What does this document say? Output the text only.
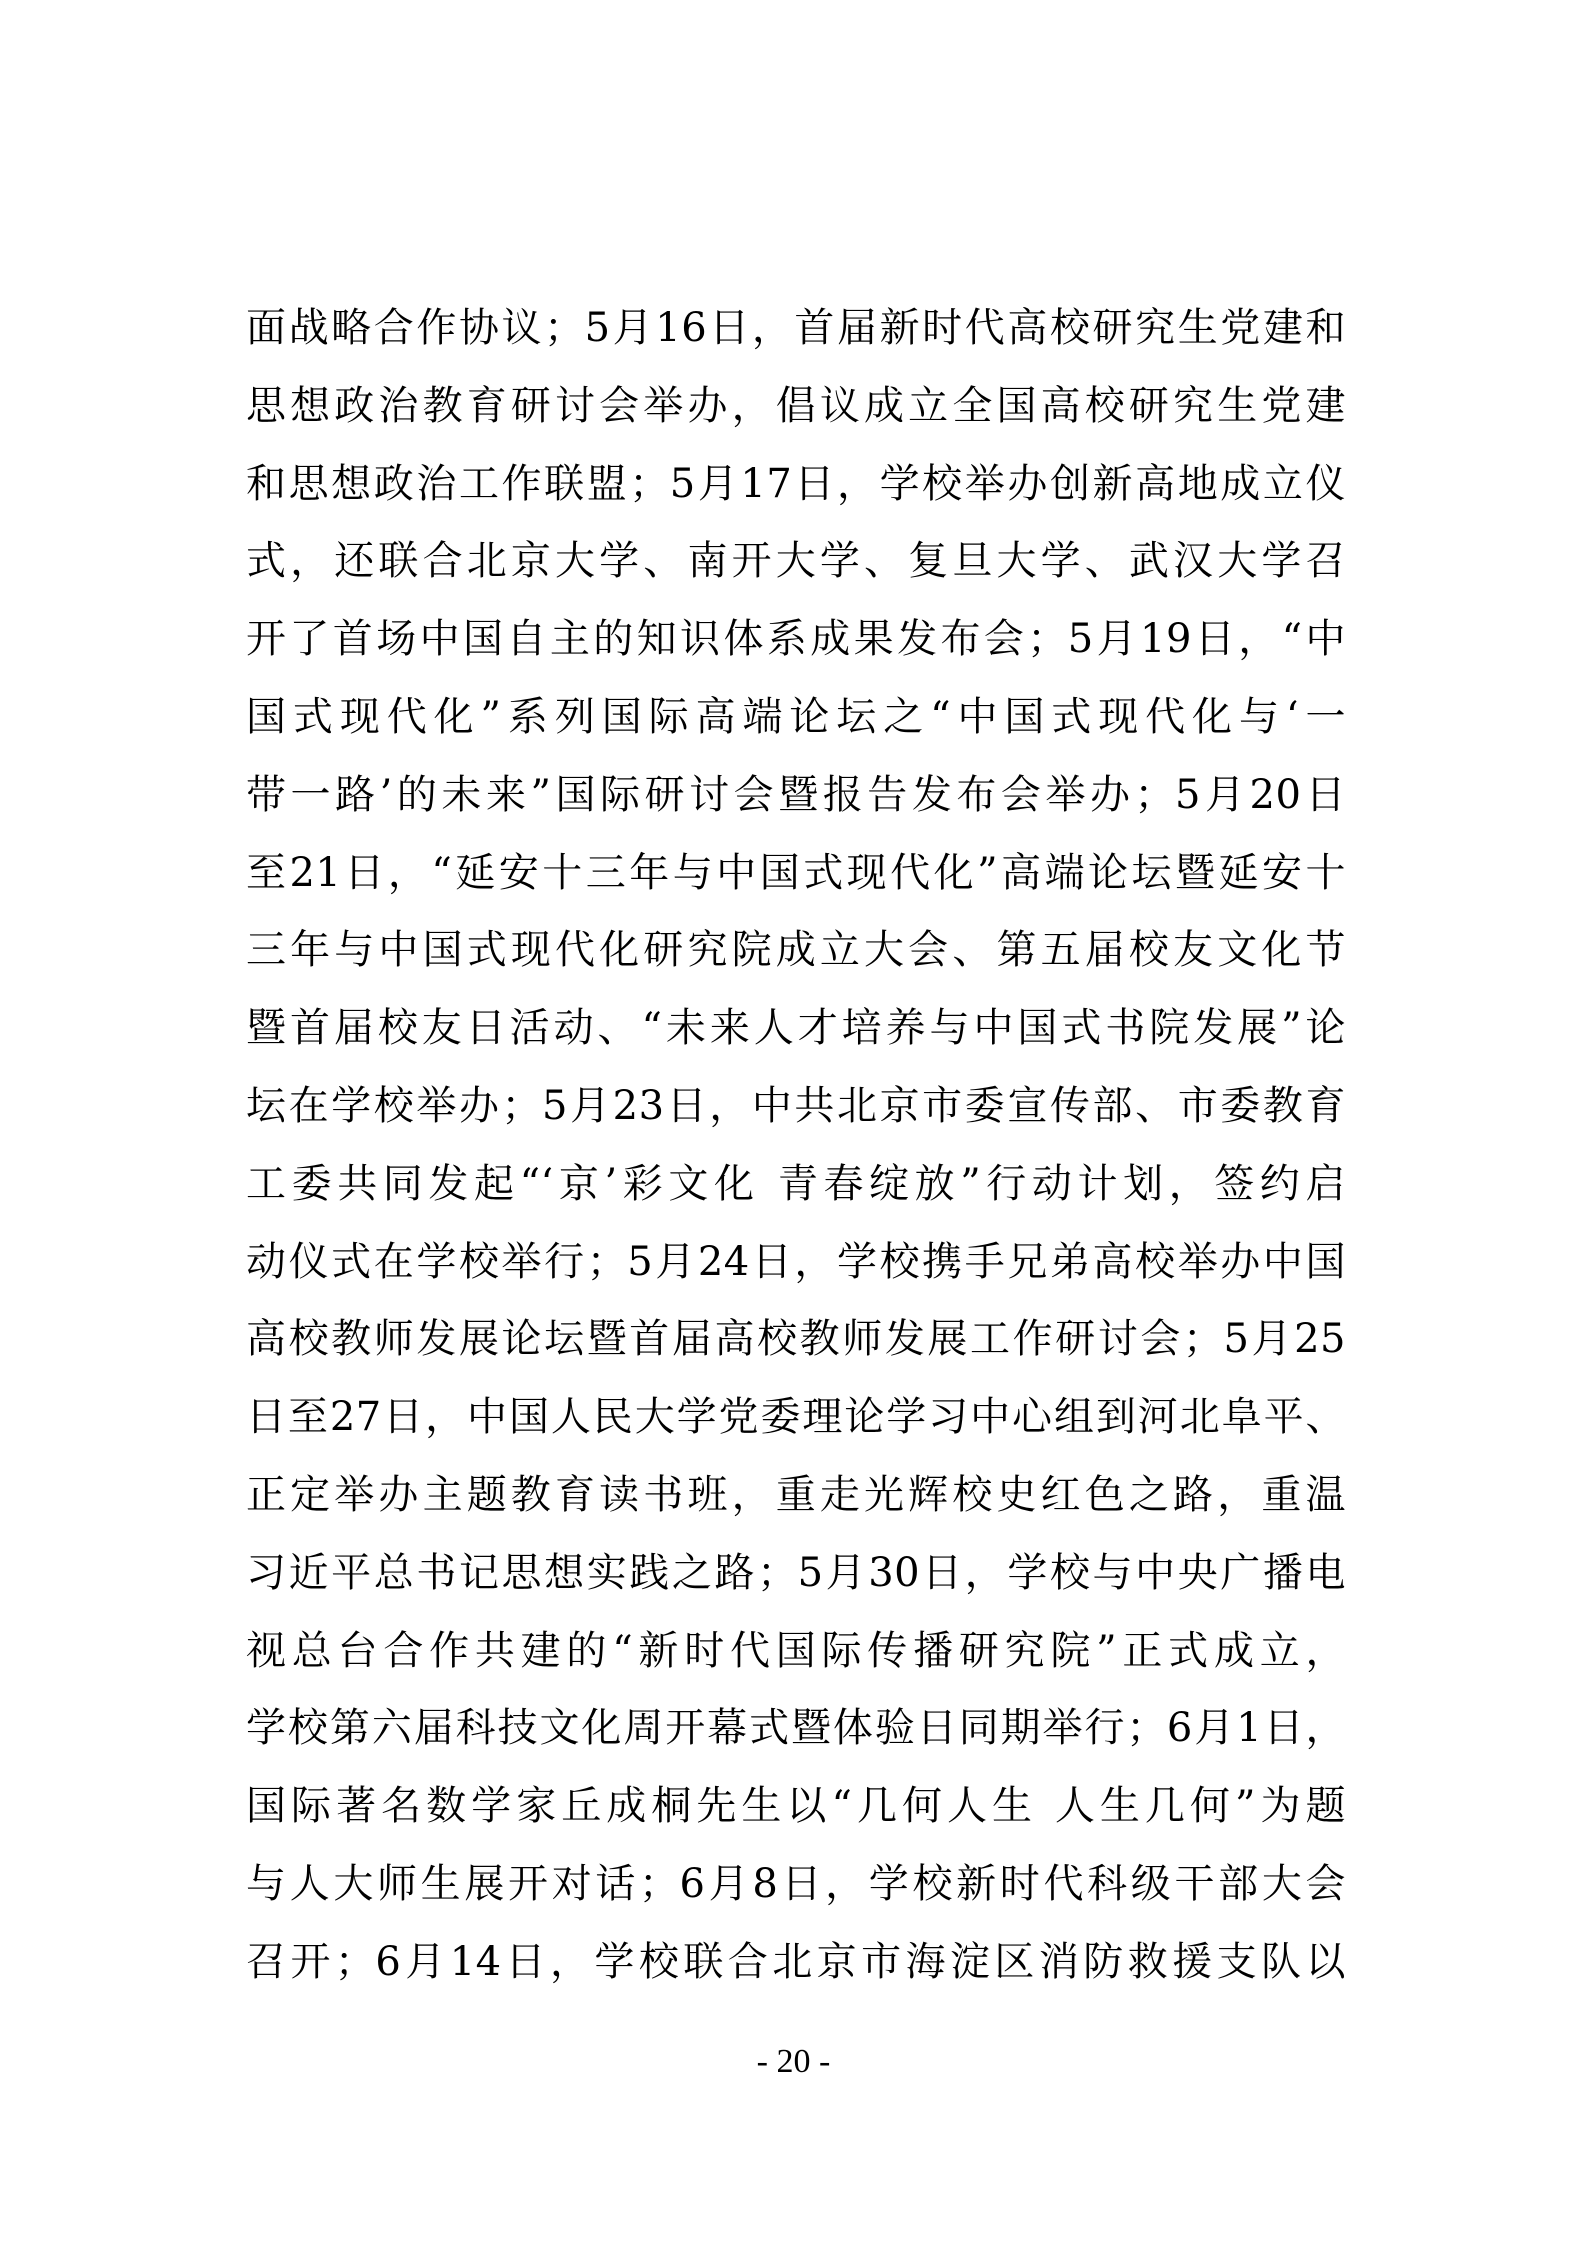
面战略合作协议；5月16日，首届新时代高校研究生党建和
思想政治教育研讨会举办，倡议成立全国高校研究生党建
和思想政治工作联盟；5月17日，学校举办创新高地成立仪
式，还联合北京大学、南开大学、复旦大学、武汉大学召
开了首场中国自主的知识体系成果发布会；5月19日，“中
国式现代化”系列国际高端论坛之“中国式现代化与‘一
带一路’的未来”国际研讨会暨报告发布会举办；5月20日
至21日，“延安十三年与中国式现代化”高端论坛暨延安十
三年与中国式现代化研究院成立大会、第五届校友文化节
暨首届校友日活动、“未来人才培养与中国式书院发展”论
坛在学校举办；5月23日，中共北京市委宣传部、市委教育
工委共同发起“‘京’彩文化 青春绽放”行动计划，签约启
动仪式在学校举行；5月24日，学校携手兄弟高校举办中国
高校教师发展论坛暨首届高校教师发展工作研讨会；5月25
日至27日，中国人民大学党委理论学习中心组到河北阜平、
正定举办主题教育读书班，重走光辉校史红色之路，重温
习近平总书记思想实践之路；5月30日，学校与中央广播电
视总台合作共建的“新时代国际传播研究院”正式成立，
学校第六届科技文化周开幕式暨体验日同期举行；6月1日，
国际著名数学家丘成桐先生以“几何人生 人生几何”为题
与人大师生展开对话；6月8日，学校新时代科级干部大会
召开；6月14日，学校联合北京市海淀区消防救援支队以
- 20 -
